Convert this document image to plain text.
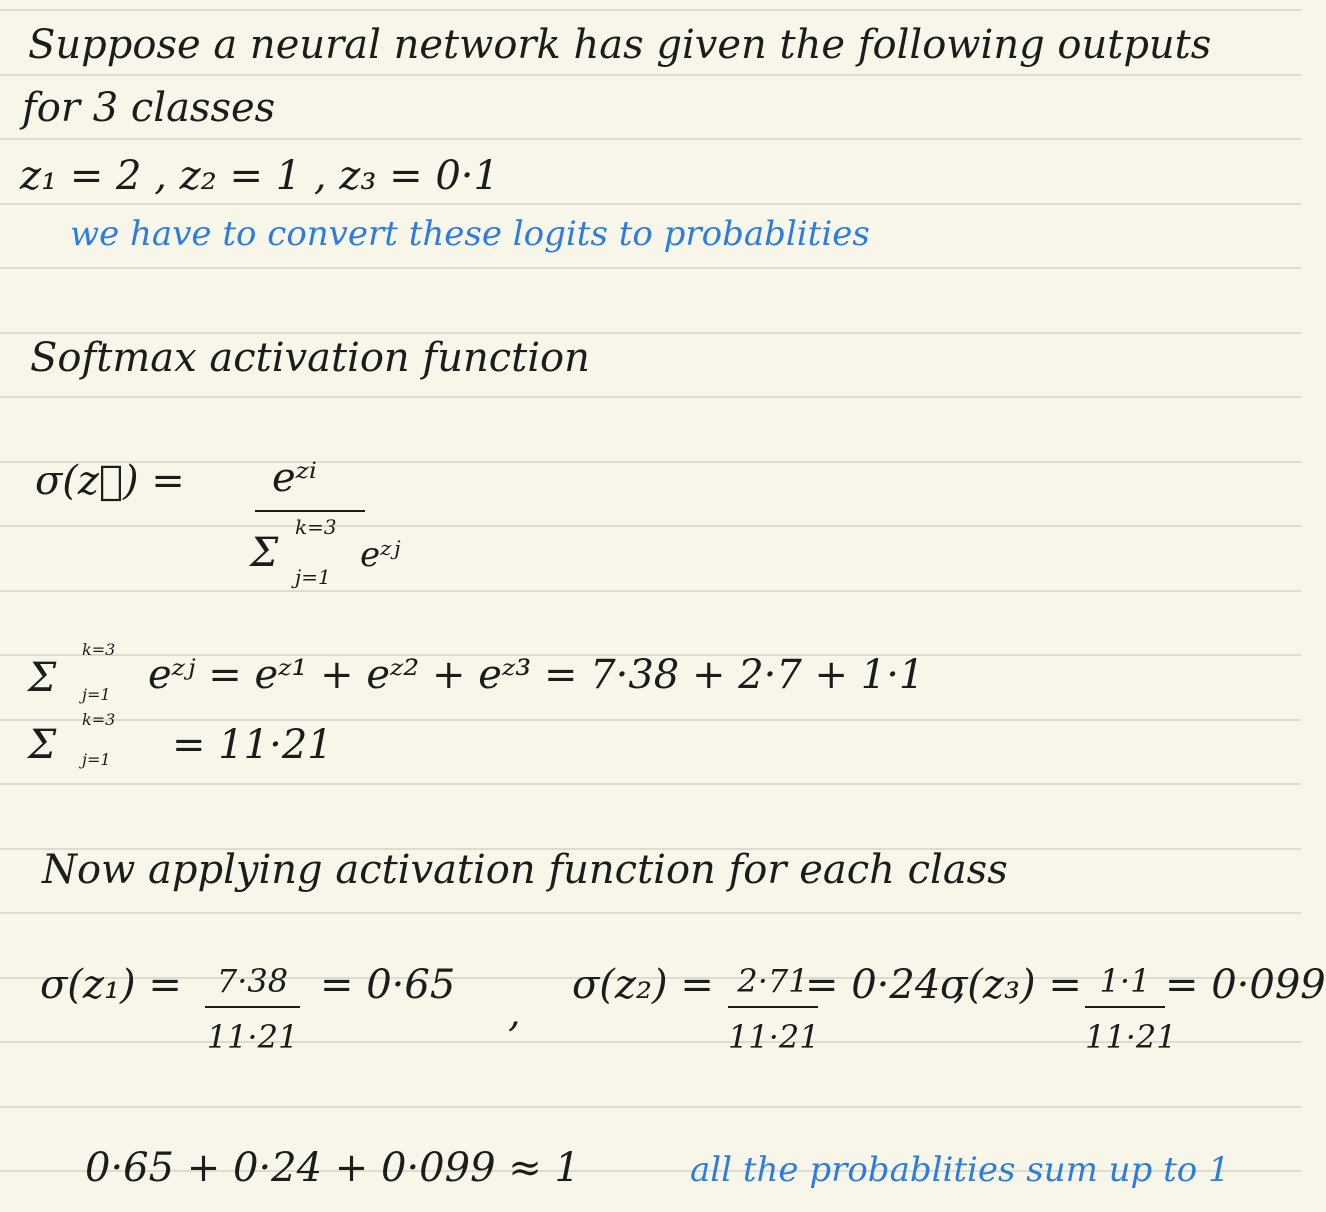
Suppose a neural network has given the following outputs
for 3 classes
z₁ = 2 , z₂ = 1 , z₃ = 0·1
we have to convert these logits to probablities
Softmax activation function
σ(z⃗) = eᶻⁱ
Σ
k=3
j=1
eᶻʲ
Σ
k=3
j=1 eᶻʲ = eᶻ¹ + eᶻ² + eᶻ³ = 7·38 + 2·7 + 1·1
Σ
k=3
j=1 = 11·21
Now applying activation function for each class
σ(z₁) =	7·38
11·21
= 0·65
,
σ(z₂) = 2·71
11·21
= 0·24 ,
σ(z₃) = 1·1
11·21
= 0·099
0·65 + 0·24 + 0·099 ≈ 1	all the probablities sum up to 1
